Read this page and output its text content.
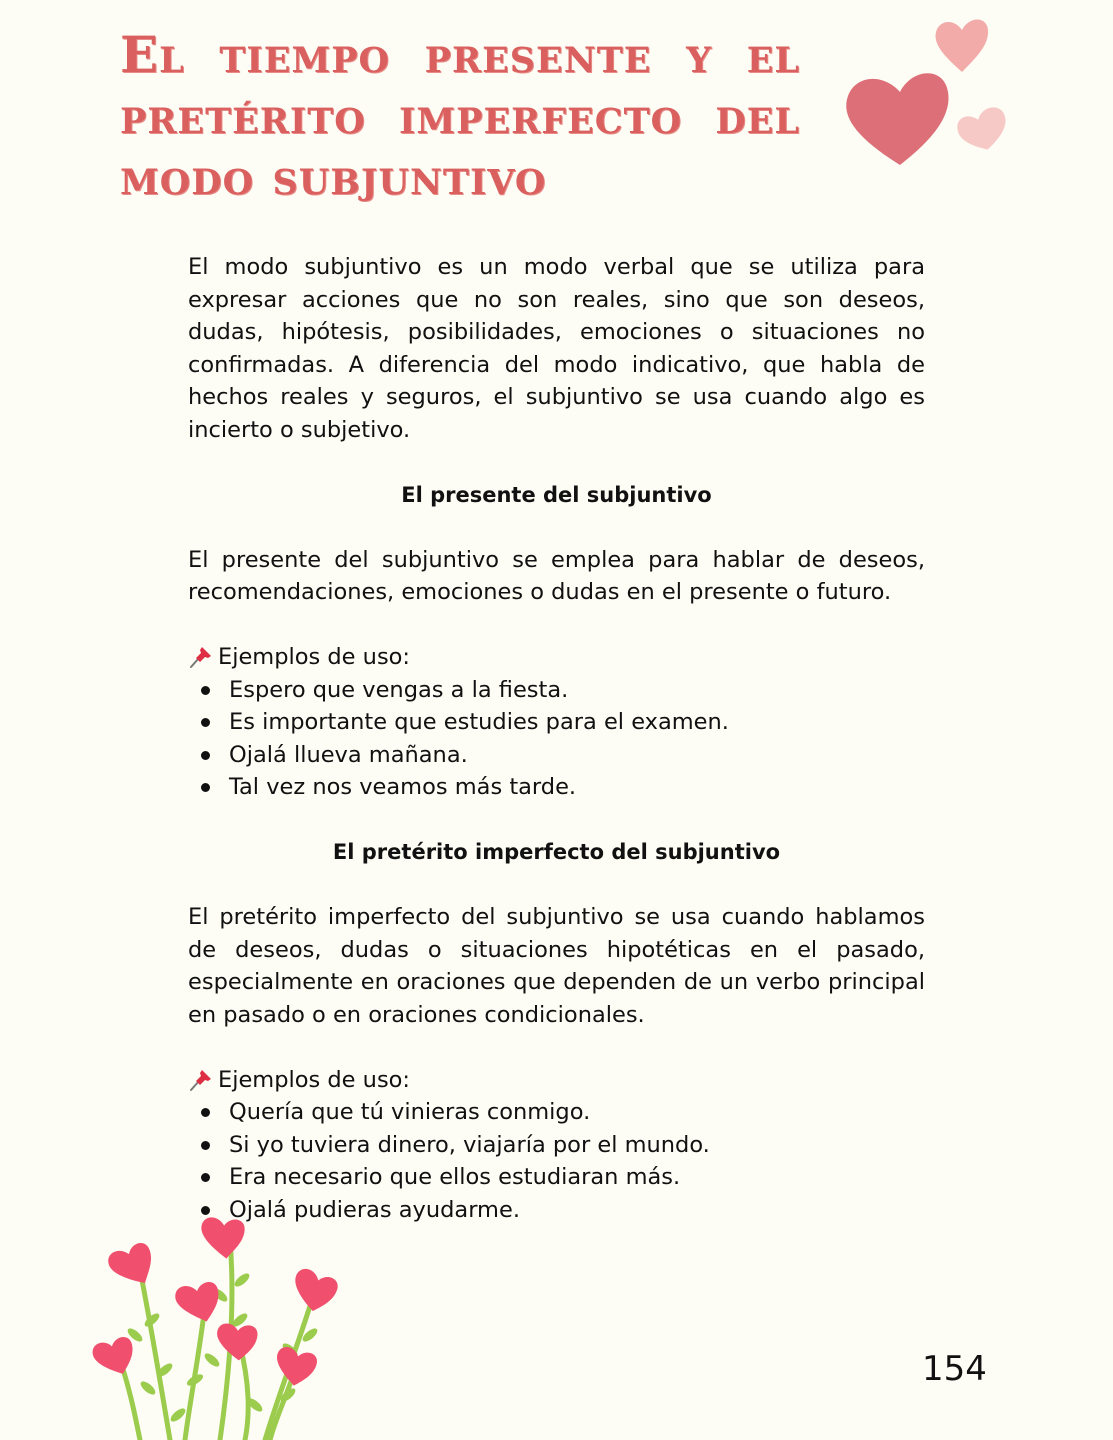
El tiempo presente y el pretérito imperfecto del modo subjuntivo

El modo subjuntivo es un modo verbal que se utiliza para expresar acciones que no son reales, sino que son deseos, dudas, hipótesis, posibilidades, emociones o situaciones no confirmadas. A diferencia del modo indicativo, que habla de hechos reales y seguros, el subjuntivo se usa cuando algo es incierto o subjetivo.

El presente del subjuntivo

El presente del subjuntivo se emplea para hablar de deseos, recomendaciones, emociones o dudas en el presente o futuro.

Ejemplos de uso:

Espero que vengas a la fiesta.
Es importante que estudies para el examen.
Ojalá llueva mañana.
Tal vez nos veamos más tarde.

El pretérito imperfecto del subjuntivo

El pretérito imperfecto del subjuntivo se usa cuando hablamos de deseos, dudas o situaciones hipotéticas en el pasado, especialmente en oraciones que dependen de un verbo principal en pasado o en oraciones condicionales.

Ejemplos de uso:

Quería que tú vinieras conmigo.
Si yo tuviera dinero, viajaría por el mundo.
Era necesario que ellos estudiaran más.
Ojalá pudieras ayudarme.
154
